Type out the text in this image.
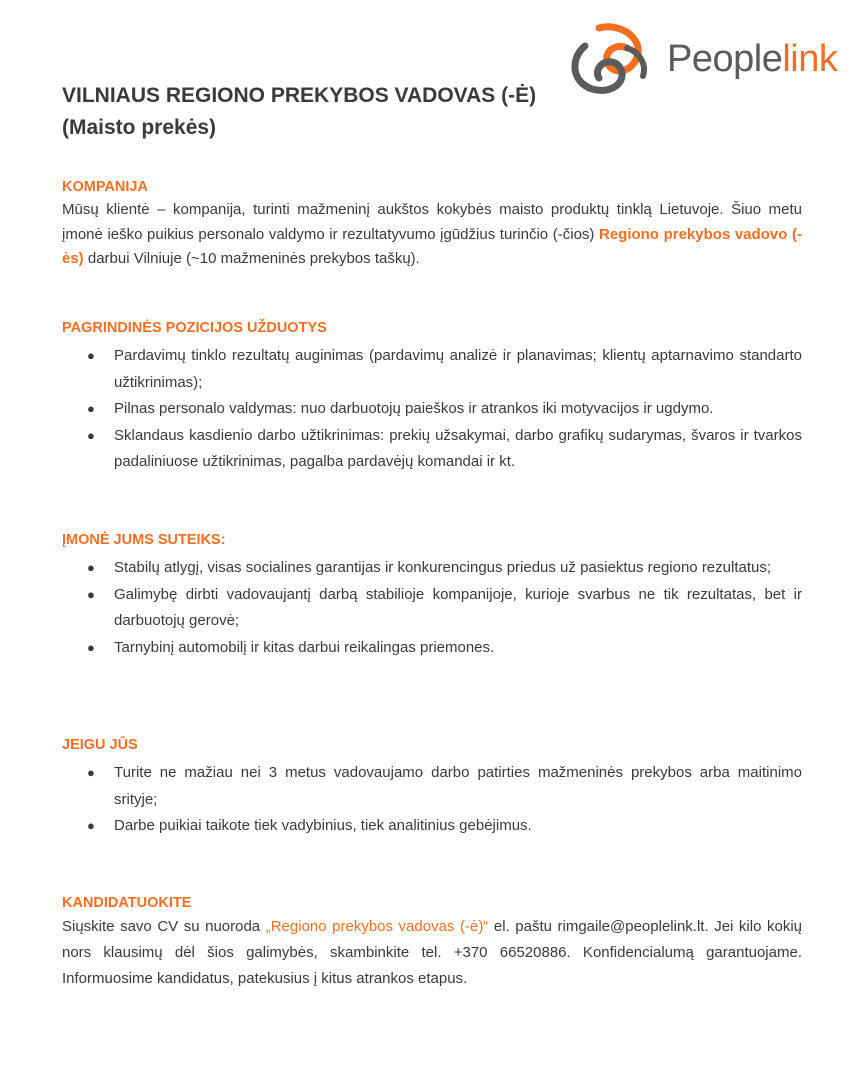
Peoplelink
VILNIAUS REGIONO PREKYBOS VADOVAS (-Ė)
(Maisto prekės)

KOMPANIJA

Mūsų klientė – kompanija, turinti mažmeninį aukštos kokybės maisto produktų tinklą Lietuvoje. Šiuo metu įmonė ieško puikius personalo valdymo ir rezultatyvumo įgūdžius turinčio (-čios) Regiono prekybos vadovo (-ės) darbui Vilniuje (~10 mažmeninės prekybos taškų).

PAGRINDINĖS POZICIJOS UŽDUOTYS

● Pardavimų tinklo rezultatų auginimas (pardavimų analizė ir planavimas; klientų aptarnavimo standarto užtikrinimas);
● Pilnas personalo valdymas: nuo darbuotojų paieškos ir atrankos iki motyvacijos ir ugdymo.
● Sklandaus kasdienio darbo užtikrinimas: prekių užsakymai, darbo grafikų sudarymas, švaros ir tvarkos padaliniuose užtikrinimas, pagalba pardavėjų komandai ir kt.

ĮMONĖ JUMS SUTEIKS:

● Stabilų atlygį, visas socialines garantijas ir konkurencingus priedus už pasiektus regiono rezultatus;
● Galimybę dirbti vadovaujantį darbą stabilioje kompanijoje, kurioje svarbus ne tik rezultatas, bet ir darbuotojų gerovė;
● Tarnybinį automobilį ir kitas darbui reikalingas priemones.

JEIGU JŪS

● Turite ne mažiau nei 3 metus vadovaujamo darbo patirties mažmeninės prekybos arba maitinimo srityje;
● Darbe puikiai taikote tiek vadybinius, tiek analitinius gebėjimus.

KANDIDATUOKITE

Siųskite savo CV su nuoroda „Regiono prekybos vadovas (-ė)“ el. paštu rimgaile@peoplelink.lt. Jei kilo kokių nors klausimų dėl šios galimybės, skambinkite tel. +370 66520886. Konfidencialumą garantuojame. Informuosime kandidatus, patekusius į kitus atrankos etapus.
